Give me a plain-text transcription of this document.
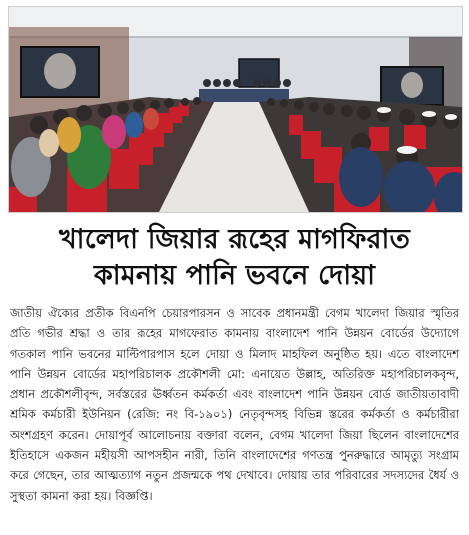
খালেদা জিয়ার রূহের মাগফিরাত
কামনায় পানি ভবনে দোয়া
জাতীয় ঐক্যের প্রতীক বিএনপি চেয়ারপারসন ও সাবেক প্রধানমন্ত্রী বেগম খালেদা জিয়ার স্মৃতির প্রতি গভীর শ্রদ্ধা ও তার রূহের মাগফেরাত কামনায় বাংলাদেশ পানি উন্নয়ন বোর্ডের উদ্যোগে গতকাল পানি ভবনের মাল্টিপারপাস হলে দোয়া ও মিলাদ মাহফিল অনুষ্ঠিত হয়। এতে বাংলাদেশ পানি উন্নয়ন বোর্ডের মহাপরিচালক প্রকৌশলী মো: এনায়েত উল্লাহ, অতিরিক্ত মহাপরিচালকবৃন্দ, প্রধান প্রকৌশলীবৃন্দ, সর্বস্তরের ঊর্ধ্বতন কর্মকর্তা এবং বাংলাদেশ পানি উন্নয়ন বোর্ড জাতীয়তাবাদী শ্রমিক কর্মচারী ইউনিয়ন (রেজি: নং বি-১৯০১) নেতৃবৃন্দসহ বিভিন্ন স্তরের কর্মকর্তা ও কর্মচারীরা অংশগ্রহণ করেন। দোয়াপূর্ব আলোচনায় বক্তারা বলেন, বেগম খালেদা জিয়া ছিলেন বাংলাদেশের ইতিহাসে একজন মহীয়সী আপসহীন নারী, তিনি বাংলাদেশের গণতন্ত্র পুনরুদ্ধারে আমৃত্যু সংগ্রাম করে গেছেন, তার আত্মত্যাগ নতুন প্রজন্মকে পথ দেখাবে। দোয়ায় তার পরিবারের সদস্যদের ধৈর্য ও সুস্থতা কামনা করা হয়। বিজ্ঞপ্তি।
